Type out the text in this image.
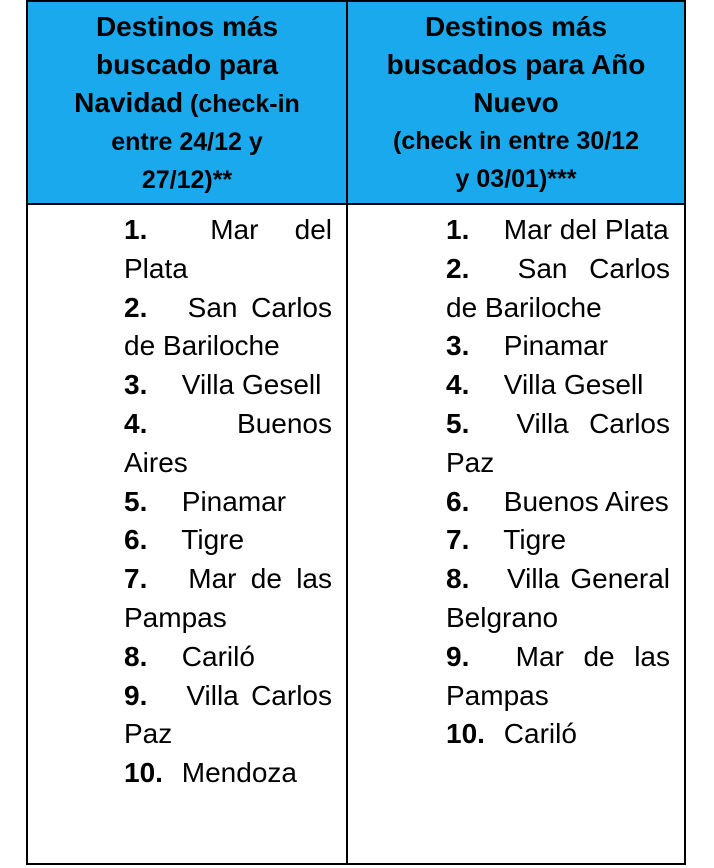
Destinos más
buscado para
Navidad (check-in
entre 24/12 y
27/12)**
Destinos más
buscados para Año
Nuevo
(check in entre 30/12
y 03/01)***
1. Mar del Plata
2. San Carlos de Bariloche
3. Villa Gesell
4.	Buenos Aires
5. Pinamar
6. Tigre
7. Mar de las Pampas
8. Cariló
9. Villa Carlos Paz
10. Mendoza
1. Mar del Plata
2. San Carlos de Bariloche
3. Pinamar
4. Villa Gesell
5. Villa Carlos Paz
6. Buenos Aires
7. Tigre
8. Villa General Belgrano
9. Mar de las Pampas
10. Cariló
